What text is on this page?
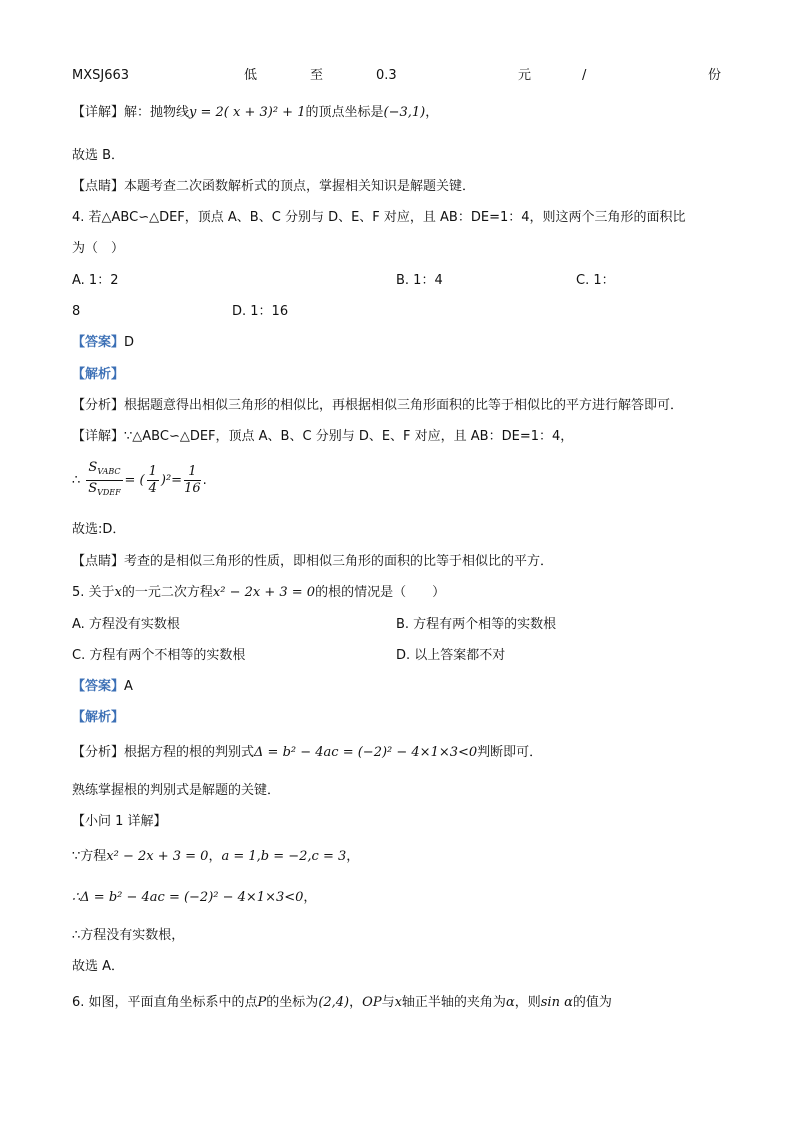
MXSJ663	低	至	0.3	元	/	份
【详解】解：抛物线y = 2( x + 3)² + 1的顶点坐标是(−3,1)，
故选 B．
【点睛】本题考查二次函数解析式的顶点，掌握相关知识是解题关键．
4. 若△ABC∽△DEF，顶点 A、B、C 分别与 D、E、F 对应，且 AB：DE=1：4，则这两个三角形的面积比
为（　）
A. 1：2	B. 1：4	C. 1：
8	D. 1：16
【答案】D
【解析】
【分析】根据题意得出相似三角形的相似比，再根据相似三角形面积的比等于相似比的平方进行解答即可．
【详解】∵△ABC∽△DEF，顶点 A、B、C 分别与 D、E、F 对应，且 AB：DE=1：4，
∴ $\frac{S_{VABC}}{S_{VDEF}}$ = ( $\frac{1}{4} )^2= \frac{1}{16}$ .
故选:D．
【点睛】考查的是相似三角形的性质，即相似三角形的面积的比等于相似比的平方．
5. 关于x的一元二次方程x² − 2x + 3 = 0的根的情况是（　　）
A. 方程没有实数根	B. 方程有两个相等的实数根
C. 方程有两个不相等的实数根	D. 以上答案都不对
【答案】A
【解析】
【分析】根据方程的根的判别式Δ = b² − 4ac = (−2)² − 4×1×3<0判断即可．
熟练掌握根的判别式是解题的关键．
【小问 1 详解】
∵方程x² − 2x + 3 = 0，a = 1,b = −2,c = 3，
∴Δ = b² − 4ac = (−2)² − 4×1×3<0，
∴方程没有实数根，
故选 A．
6. 如图，平面直角坐标系中的点P的坐标为(2,4)，OP与x轴正半轴的夹角为α，则sin α的值为
